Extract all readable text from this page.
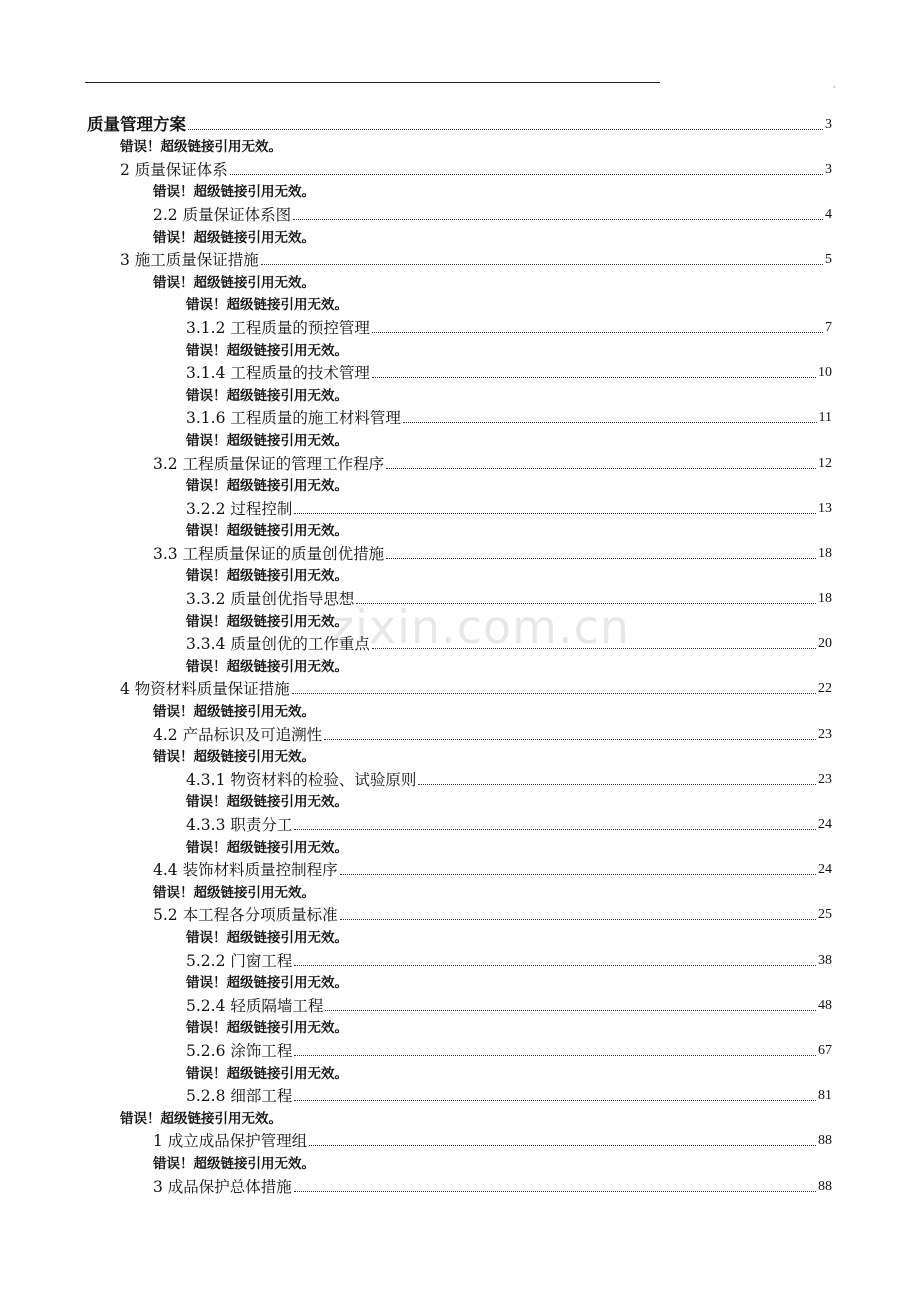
,
zixin.com.cn
质量管理方案	3
错误！超级链接引用无效。
2 质量保证体系	3
错误！超级链接引用无效。
2.2 质量保证体系图	4
错误！超级链接引用无效。
3 施工质量保证措施	5
错误！超级链接引用无效。
错误！超级链接引用无效。
3.1.2 工程质量的预控管理	7
错误！超级链接引用无效。
3.1.4 工程质量的技术管理	10
错误！超级链接引用无效。
3.1.6 工程质量的施工材料管理	11
错误！超级链接引用无效。
3.2 工程质量保证的管理工作程序	12
错误！超级链接引用无效。
3.2.2 过程控制	13
错误！超级链接引用无效。
3.3 工程质量保证的质量创优措施	18
错误！超级链接引用无效。
3.3.2 质量创优指导思想	18
错误！超级链接引用无效。
3.3.4 质量创优的工作重点	20
错误！超级链接引用无效。
4 物资材料质量保证措施	22
错误！超级链接引用无效。
4.2 产品标识及可追溯性	23
错误！超级链接引用无效。
4.3.1 物资材料的检验、试验原则	23
错误！超级链接引用无效。
4.3.3 职责分工	24
错误！超级链接引用无效。
4.4 装饰材料质量控制程序	24
错误！超级链接引用无效。
5.2 本工程各分项质量标准	25
错误！超级链接引用无效。
5.2.2 门窗工程	38
错误！超级链接引用无效。
5.2.4 轻质隔墙工程	48
错误！超级链接引用无效。
5.2.6 涂饰工程	67
错误！超级链接引用无效。
5.2.8 细部工程	81
错误！超级链接引用无效。
1 成立成品保护管理组	88
错误！超级链接引用无效。
3 成品保护总体措施	88
